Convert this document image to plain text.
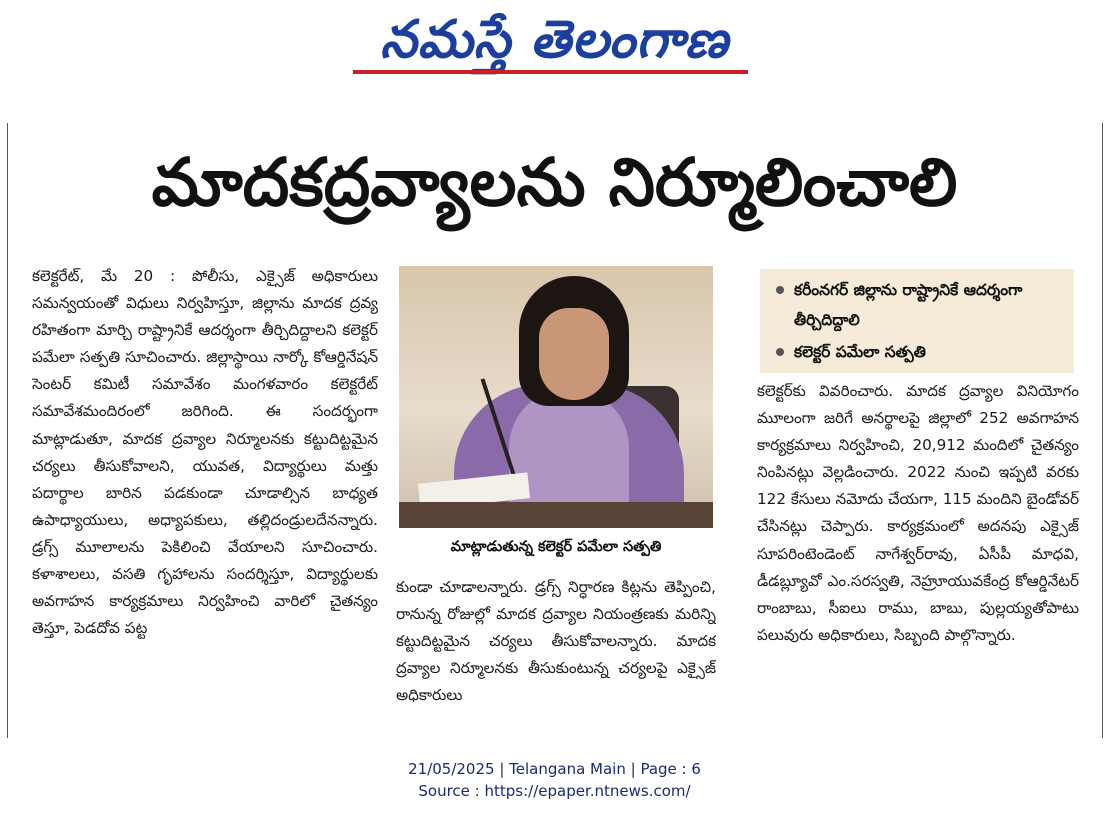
నమస్తే తెలంగాణ
మాదకద్రవ్యాలను నిర్మూలించాలి
కలెక్టరేట్, మే 20 : పోలీసు, ఎక్సైజ్ అధికారులు సమన్వయంతో విధులు నిర్వహిస్తూ, జిల్లాను మాదక ద్రవ్య రహితంగా మార్చి రాష్ట్రానికే ఆదర్శంగా తీర్చిదిద్దాలని కలెక్టర్ పమేలా సత్పతి సూచించారు. జిల్లాస్థాయి నార్కో కోఆర్డినేషన్ సెంటర్ కమిటీ సమావేశం మంగళవారం కలెక్టరేట్ సమావేశమందిరంలో జరిగింది. ఈ సందర్భంగా మాట్లాడుతూ, మాదక ద్రవ్యాల నిర్మూలనకు కట్టుదిట్టమైన చర్యలు తీసుకోవాలని, యువత, విద్యార్థులు మత్తు పదార్థాల బారిన పడకుండా చూడాల్సిన బాధ్యత ఉపాధ్యాయులు, అధ్యాపకులు, తల్లిదండ్రులదేనన్నారు. డ్రగ్స్ మూలాలను పెకిలించి వేయాలని సూచించారు. కళాశాలలు, వసతి గృహాలను సందర్శిస్తూ, విద్యార్థులకు అవగాహన కార్యక్రమాలు నిర్వహించి వారిలో చైతన్యం తెస్తూ, పెడదోవ పట్ట
మాట్లాడుతున్న కలెక్టర్ పమేలా సత్పతి
కుండా చూడాలన్నారు. డ్రగ్స్ నిర్ధారణ కిట్లను తెప్పించి, రానున్న రోజుల్లో మాదక ద్రవ్యాల నియంత్రణకు మరిన్ని కట్టుదిట్టమైన చర్యలు తీసుకోవాలన్నారు. మాదక ద్రవ్యాల నిర్మూలనకు తీసుకుంటున్న చర్యలపై ఎక్సైజ్ అధికారులు
కరీంనగర్ జిల్లాను రాష్ట్రానికే ఆదర్శంగా తీర్చిదిద్దాలి
కలెక్టర్ పమేలా సత్పతి
కలెక్టర్‌కు వివరించారు. మాదక ద్రవ్యాల వినియోగం మూలంగా జరిగే అనర్థాలపై జిల్లాలో 252 అవగాహన కార్యక్రమాలు నిర్వహించి, 20,912 మందిలో చైతన్యం నింపినట్లు వెల్లడించారు. 2022 నుంచి ఇప్పటి వరకు 122 కేసులు నమోదు చేయగా, 115 మందిని బైండోవర్ చేసినట్లు చెప్పారు. కార్యక్రమంలో అదనపు ఎక్సైజ్ సూపరింటెండెంట్ నాగేశ్వర్‌రావు, ఏసీపీ మాధవి, డీడబ్ల్యూవో ఎం.సరస్వతి, నెహ్రూయువకేంద్ర కోఆర్డినేటర్ రాంబాబు, సీఐలు రాము, బాబు, పుల్లయ్యతోపాటు పలువురు అధికారులు, సిబ్బంది పాల్గొన్నారు.
21/05/2025 | Telangana Main | Page : 6
Source : https://epaper.ntnews.com/
